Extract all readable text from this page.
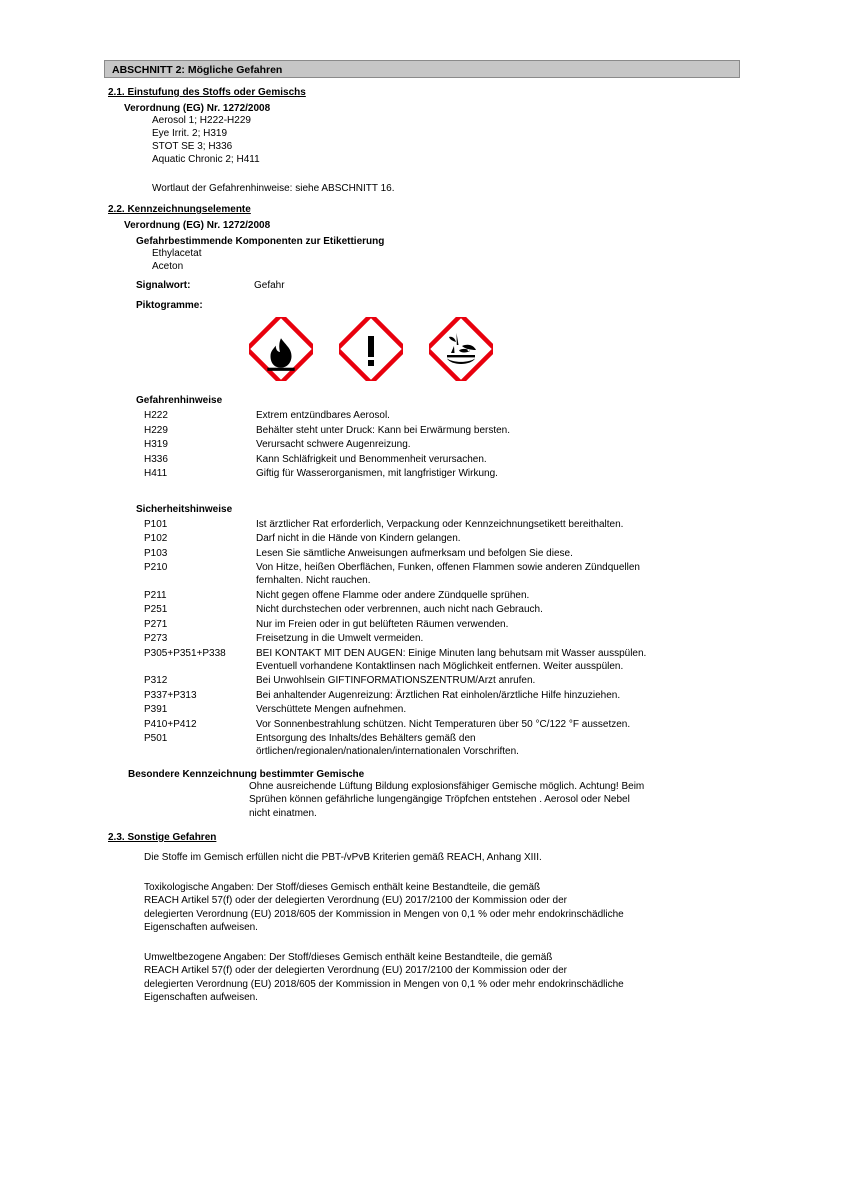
ABSCHNITT 2: Mögliche Gefahren
2.1. Einstufung des Stoffs oder Gemischs
Verordnung (EG) Nr. 1272/2008
Aerosol 1; H222-H229
Eye Irrit. 2; H319
STOT SE 3; H336
Aquatic Chronic 2; H411
Wortlaut der Gefahrenhinweise: siehe ABSCHNITT 16.
2.2. Kennzeichnungselemente
Verordnung (EG) Nr. 1272/2008
Gefahrbestimmende Komponenten zur Etikettierung
Ethylacetat
Aceton
Signalwort:	Gefahr
Piktogramme:
Gefahrenhinweise
H222	Extrem entzündbares Aerosol.
H229	Behälter steht unter Druck: Kann bei Erwärmung bersten.
H319	Verursacht schwere Augenreizung.
H336	Kann Schläfrigkeit und Benommenheit verursachen.
H411	Giftig für Wasserorganismen, mit langfristiger Wirkung.
Sicherheitshinweise
P101	Ist ärztlicher Rat erforderlich, Verpackung oder Kennzeichnungsetikett bereithalten.
P102	Darf nicht in die Hände von Kindern gelangen.
P103	Lesen Sie sämtliche Anweisungen aufmerksam und befolgen Sie diese.
P210	Von Hitze, heißen Oberflächen, Funken, offenen Flammen sowie anderen Zündquellen
fernhalten. Nicht rauchen.

P211	Nicht gegen offene Flamme oder andere Zündquelle sprühen.
P251	Nicht durchstechen oder verbrennen, auch nicht nach Gebrauch.
P271	Nur im Freien oder in gut belüfteten Räumen verwenden.
P273	Freisetzung in die Umwelt vermeiden.
P305+P351+P338	BEI KONTAKT MIT DEN AUGEN: Einige Minuten lang behutsam mit Wasser ausspülen.
Eventuell vorhandene Kontaktlinsen nach Möglichkeit entfernen. Weiter ausspülen.

P312	Bei Unwohlsein GIFTINFORMATIONSZENTRUM/Arzt anrufen.
P337+P313	Bei anhaltender Augenreizung: Ärztlichen Rat einholen/ärztliche Hilfe hinzuziehen.
P391	Verschüttete Mengen aufnehmen.
P410+P412	Vor Sonnenbestrahlung schützen. Nicht Temperaturen über 50 °C/122 °F aussetzen.
P501	Entsorgung des Inhalts/des Behälters gemäß den
örtlichen/regionalen/nationalen/internationalen Vorschriften.
Besondere Kennzeichnung bestimmter Gemische
Ohne ausreichende Lüftung Bildung explosionsfähiger Gemische möglich. Achtung! Beim
Sprühen können gefährliche lungengängige Tröpfchen entstehen . Aerosol oder Nebel
nicht einatmen.
2.3. Sonstige Gefahren
Die Stoffe im Gemisch erfüllen nicht die PBT-/vPvB Kriterien gemäß REACH, Anhang XIII.
Toxikologische Angaben: Der Stoff/dieses Gemisch enthält keine Bestandteile, die gemäß
REACH Artikel 57(f) oder der delegierten Verordnung (EU) 2017/2100 der Kommission oder der
delegierten Verordnung (EU) 2018/605 der Kommission in Mengen von 0,1 % oder mehr endokrinschädliche
Eigenschaften aufweisen.
Umweltbezogene Angaben: Der Stoff/dieses Gemisch enthält keine Bestandteile, die gemäß
REACH Artikel 57(f) oder der delegierten Verordnung (EU) 2017/2100 der Kommission oder der
delegierten Verordnung (EU) 2018/605 der Kommission in Mengen von 0,1 % oder mehr endokrinschädliche
Eigenschaften aufweisen.
